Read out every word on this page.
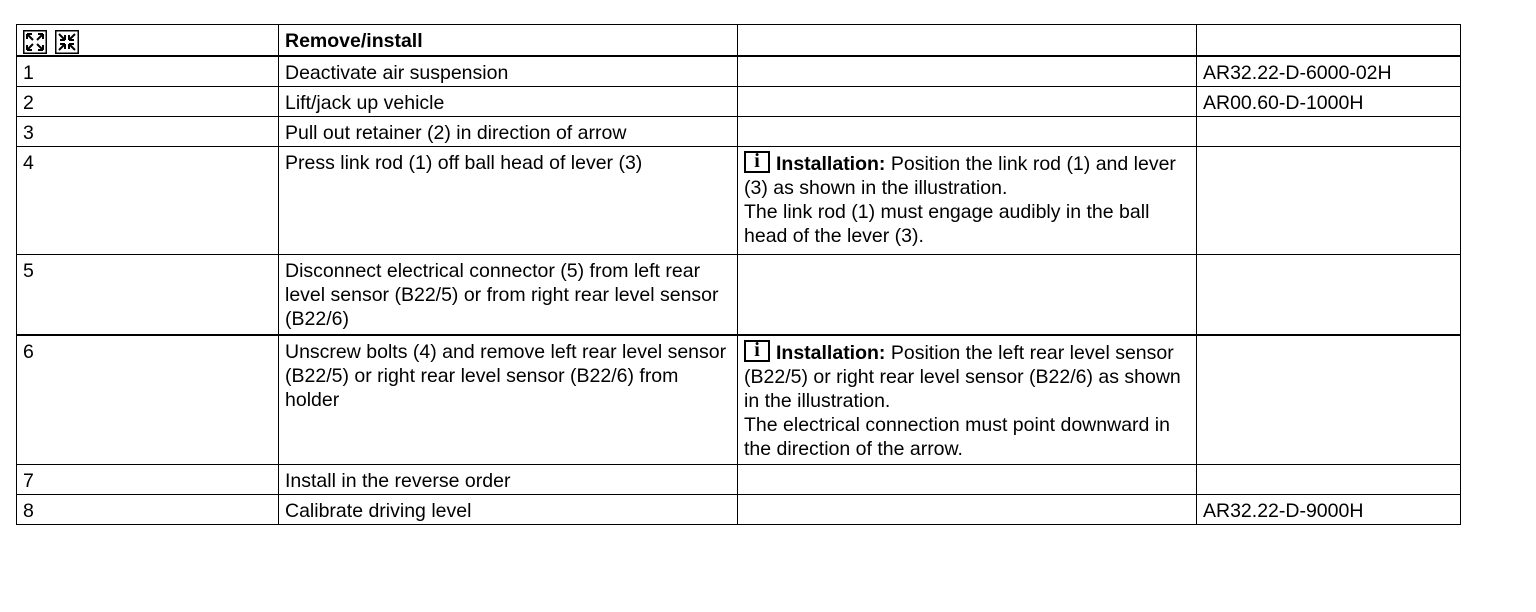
	Remove/install		
1	Deactivate air suspension		AR32.22-D-6000-02H
2	Lift/jack up vehicle		AR00.60-D-1000H
3	Pull out retainer (2) in direction of arrow		
4	Press link rod (1) off ball head of lever (3)	i Installation: Position the link rod (1) and lever (3) as shown in the illustration.
The link rod (1) must engage audibly in the ball head of the lever (3).	

5	Disconnect electrical connector (5) from left rear level sensor (B22/5) or from right rear level sensor (B22/6)		
6	Unscrew bolts (4) and remove left rear level sensor (B22/5) or right rear level sensor (B22/6) from holder	i Installation: Position the left rear level sensor (B22/5) or right rear level sensor (B22/6) as shown in the illustration.
The electrical connection must point downward in the direction of the arrow.	

7	Install in the reverse order		
8	Calibrate driving level		AR32.22-D-9000H
